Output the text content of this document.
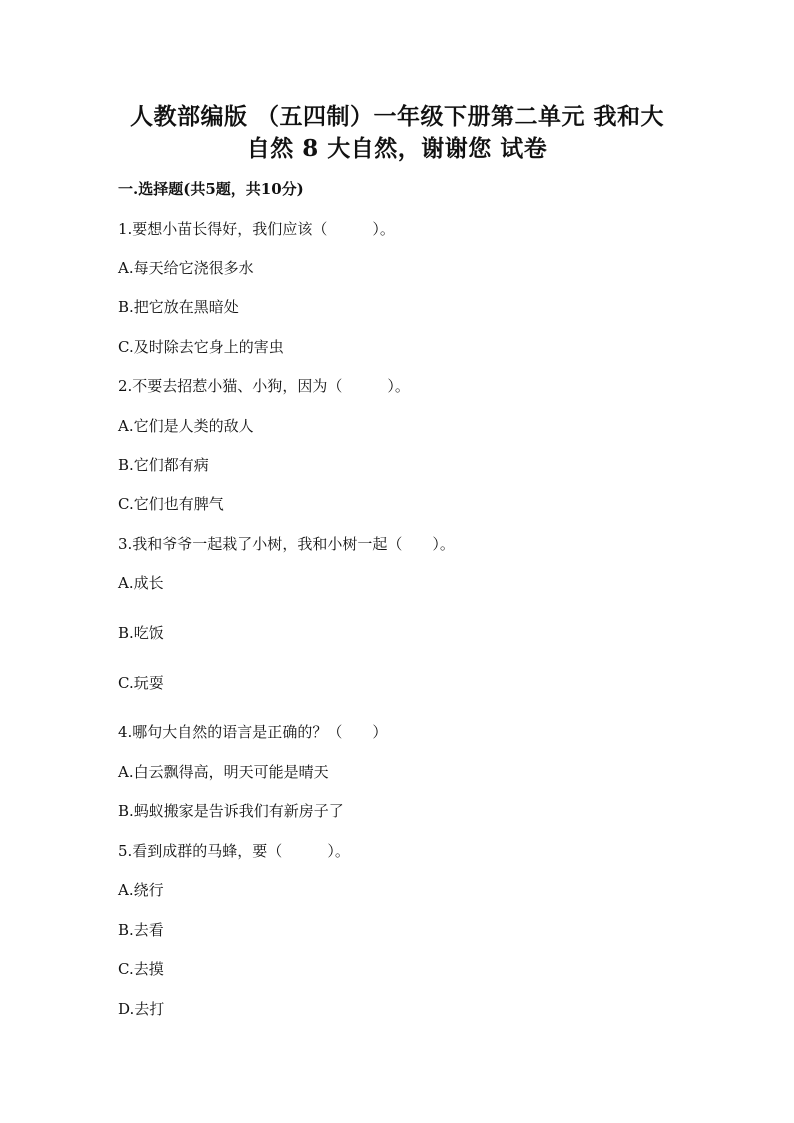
人教部编版 （五四制）一年级下册第二单元 我和大
自然 8 大自然，谢谢您 试卷
一.选择题(共5题，共10分)
1.要想小苗长得好，我们应该（　　　）。
A.每天给它浇很多水
B.把它放在黑暗处
C.及时除去它身上的害虫
2.不要去招惹小猫、小狗，因为（　　　）。
A.它们是人类的敌人
B.它们都有病
C.它们也有脾气
3.我和爷爷一起栽了小树，我和小树一起（　　）。
A.成长
B.吃饭
C.玩耍
4.哪句大自然的语言是正确的？（　　）
A.白云飘得高，明天可能是晴天
B.蚂蚁搬家是告诉我们有新房子了
5.看到成群的马蜂，要（　　　）。
A.绕行
B.去看
C.去摸
D.去打
